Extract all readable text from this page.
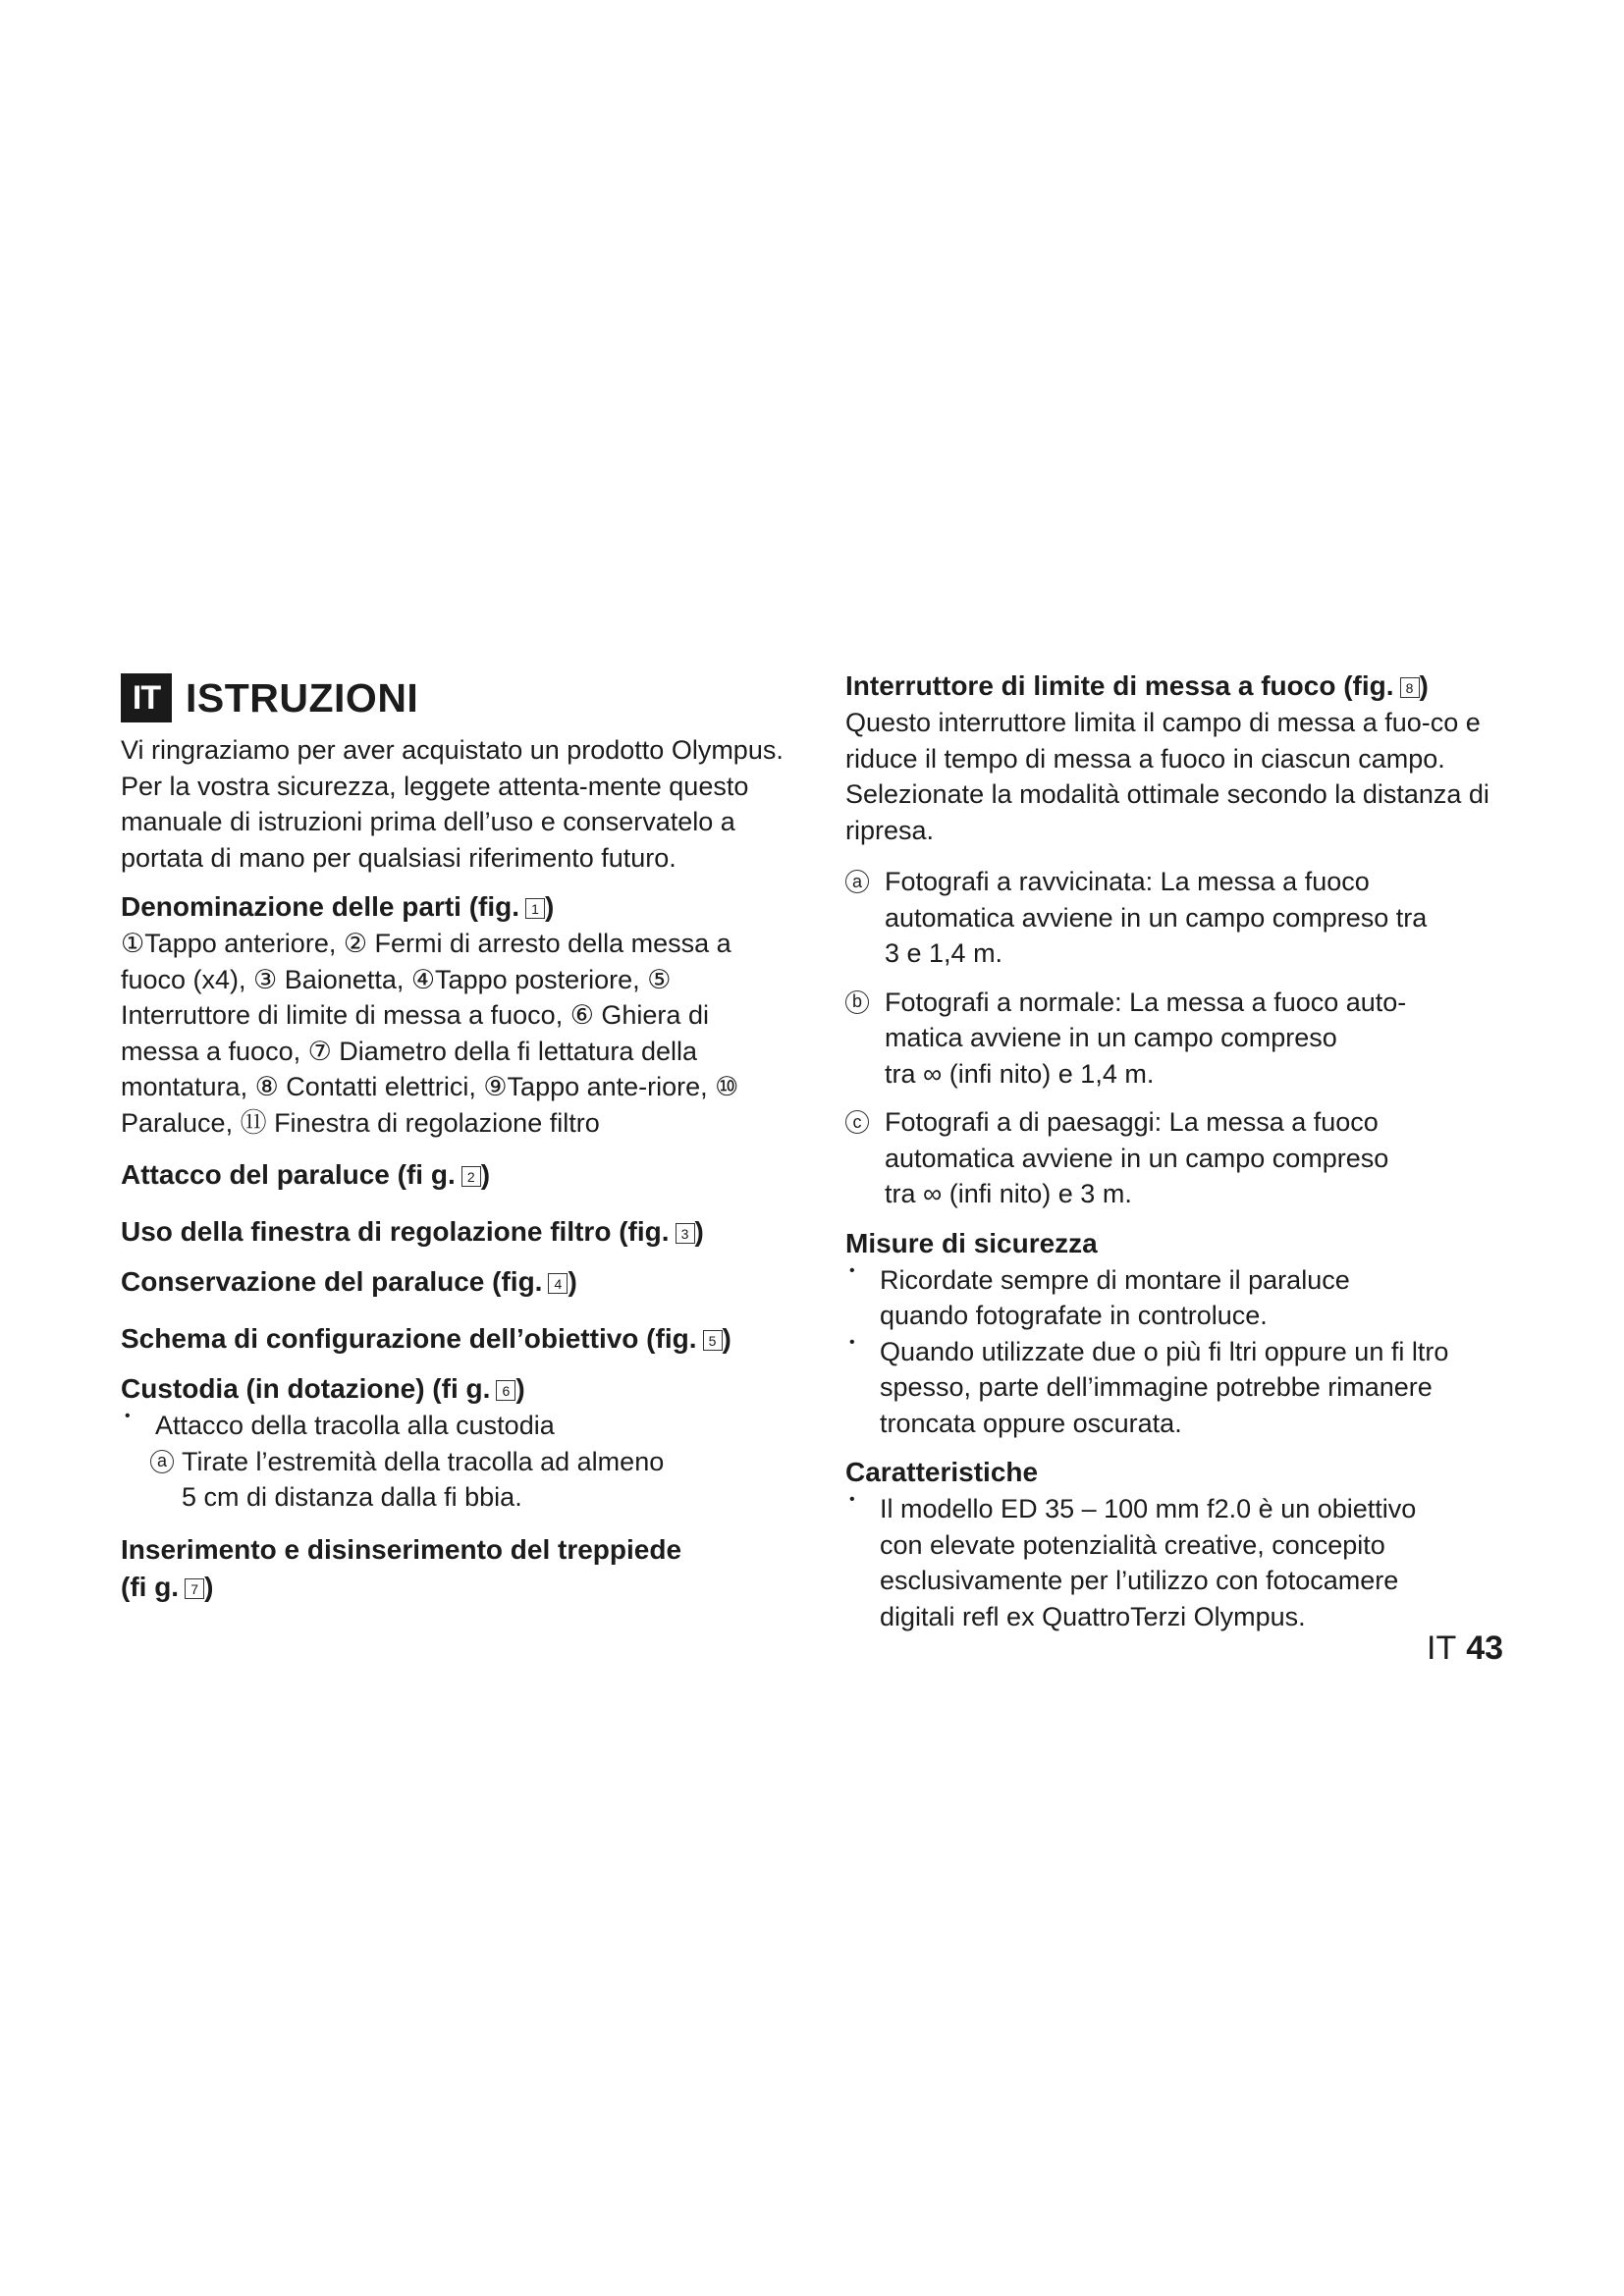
IT ISTRUZIONI

Vi ringraziamo per aver acquistato un prodotto Olympus. Per la vostra sicurezza, leggete attenta-mente questo manuale di istruzioni prima dell’uso e conservatelo a portata di mano per qualsiasi riferimento futuro.

Denominazione delle parti (fig. 1 )

①Tappo anteriore, ② Fermi di arresto della messa a fuoco (x4), ③ Baionetta, ④Tappo posteriore, ⑤ Interruttore di limite di messa a fuoco, ⑥ Ghiera di messa a fuoco, ⑦ Diametro della fi lettatura della montatura, ⑧ Contatti elettrici, ⑨Tappo ante-riore, ⑩ Paraluce, ⑪ Finestra di regolazione filtro

Attacco del paraluce (fi g. 2 )
Uso della finestra di regolazione filtro (fig. 3 )
Conservazione del paraluce (fig. 4 )
Schema di configurazione dell’obiettivo (fig. 5 )
Custodia (in dotazione) (fi g. 6 )
• Attacco della tracolla alla custodia
a Tirate l’estremità della tracolla ad almeno
5 cm di distanza dalla fi bbia.
Inserimento e disinserimento del treppiede
(fi g. 7 )
Interruttore di limite di messa a fuoco (fig. 8 )

Questo interruttore limita il campo di messa a fuo-co e riduce il tempo di messa a fuoco in ciascun campo. Selezionate la modalità ottimale secondo la distanza di ripresa.

a Fotografi a ravvicinata: La messa a fuoco
automatica avviene in un campo compreso tra
3 e 1,4 m.
b Fotografi a normale: La messa a fuoco auto-
matica avviene in un campo compreso
tra ∞ (infi nito) e 1,4 m.
c Fotografi a di paesaggi: La messa a fuoco
automatica avviene in un campo compreso
tra ∞ (infi nito) e 3 m.
Misure di sicurezza
• Ricordate sempre di montare il paraluce
quando fotografate in controluce.
• Quando utilizzate due o più fi ltri oppure un fi ltro
spesso, parte dell’immagine potrebbe rimanere
troncata oppure oscurata.
Caratteristiche
• Il modello ED 35 – 100 mm f2.0 è un obiettivo
con elevate potenzialità creative, concepito
esclusivamente per l’utilizzo con fotocamere
digitali refl ex QuattroTerzi Olympus.
IT 43
